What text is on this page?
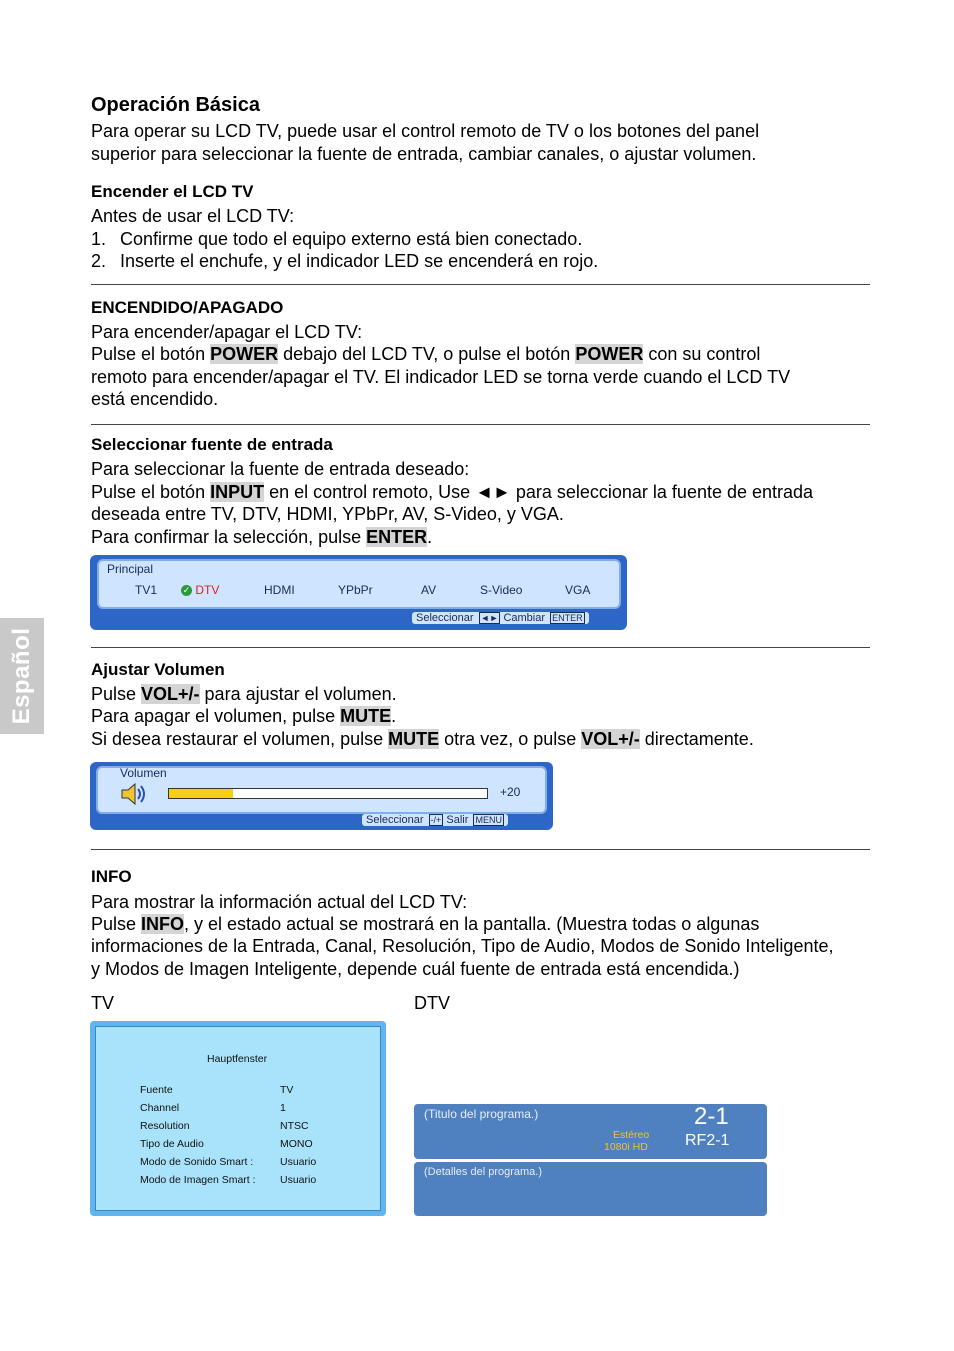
Español
Operación Básica
Para operar su LCD TV, puede usar el control remoto de TV o los botones del panel
superior para seleccionar la fuente de entrada, cambiar canales, o ajustar volumen.
Encender el LCD TV
Antes de usar el LCD TV:
1. Confirme que todo el equipo externo está bien conectado.
2. Inserte el enchufe, y el indicador LED se encenderá en rojo.
ENCENDIDO/APAGADO
Para encender/apagar el LCD TV:
Pulse el botón POWER debajo del LCD TV, o pulse el botón POWER con su control
remoto para encender/apagar el TV. El indicador LED se torna verde cuando el LCD TV
está encendido.
Seleccionar fuente de entrada
Para seleccionar la fuente de entrada deseado:
Pulse el botón INPUT en el control remoto, Use ◄► para seleccionar la fuente de entrada
deseada entre TV, DTV, HDMI, YPbPr, AV, S-Video, y VGA.
Para confirmar la selección, pulse ENTER.
Principal
TV1	✓ DTV	HDMI	YPbPr	AV	S-Video	VGA
Seleccionar ◄► Cambiar ENTER
Ajustar Volumen
Pulse VOL+/- para ajustar el volumen.
Para apagar el volumen, pulse MUTE.
Si desea restaurar el volumen, pulse MUTE otra vez, o pulse VOL+/- directamente.
Volumen
+20
Seleccionar -/+ Salir MENU
INFO
Para mostrar la información actual del LCD TV:
Pulse INFO, y el estado actual se mostrará en la pantalla. (Muestra todas o algunas
informaciones de la Entrada, Canal, Resolución, Tipo de Audio, Modos de Sonido Inteligente,
y Modos de Imagen Inteligente, depende cuál fuente de entrada está encendida.)
TV	DTV
Hauptfenster
Fuente	TV
Channel	1
Resolution	NTSC
Tipo de Audio	MONO
Modo de Sonido Smart :	Usuario
Modo de Imagen Smart : Usuario
(Titulo del programa.)	2-1
Estéreo
1080i HD RF2-1
(Detalles del programa.)
